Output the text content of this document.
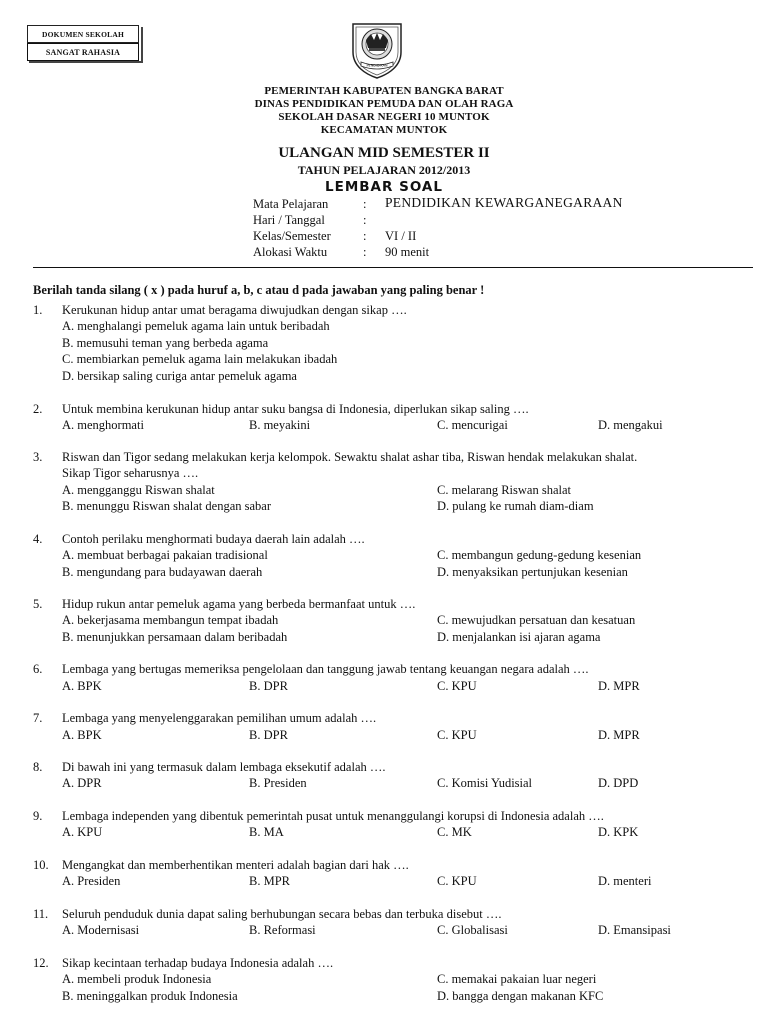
DOKUMEN SEKOLAH
SANGAT RAHASIA
PENDIDIKAN
PEMERINTAH KABUPATEN BANGKA BARAT
DINAS PENDIDIKAN PEMUDA DAN OLAH RAGA
SEKOLAH DASAR NEGERI 10 MUNTOK
KECAMATAN MUNTOK
ULANGAN MID SEMESTER II
TAHUN PELAJARAN 2012/2013
LEMBAR SOAL
Mata Pelajaran	: PENDIDIKAN KEWARGANEGARAAN
Hari / Tanggal	:
Kelas/Semester	: VI / II
Alokasi Waktu	: 90 menit
Berilah tanda silang ( x ) pada huruf a, b, c atau d pada jawaban yang paling benar !
1. Kerukunan hidup antar umat beragama diwujudkan dengan sikap ….
A. menghalangi pemeluk agama lain untuk beribadah
B. memusuhi teman yang berbeda agama
C. membiarkan pemeluk agama lain melakukan ibadah
D. bersikap saling curiga antar pemeluk agama
2. Untuk membina kerukunan hidup antar suku bangsa di Indonesia, diperlukan sikap saling ….
A. menghormati	B. meyakini	C. mencurigai	D. mengakui
3. Riswan dan Tigor sedang melakukan kerja kelompok. Sewaktu shalat ashar tiba, Riswan hendak melakukan shalat.
Sikap Tigor seharusnya ….
A. mengganggu Riswan shalat
B. menunggu Riswan shalat dengan sabar
C. melarang Riswan shalat
D. pulang ke rumah diam-diam
4. Contoh perilaku menghormati budaya daerah lain adalah ….
A. membuat berbagai pakaian tradisional
B. mengundang para budayawan daerah
C. membangun gedung-gedung kesenian
D. menyaksikan pertunjukan kesenian
5. Hidup rukun antar pemeluk agama yang berbeda bermanfaat untuk ….
A. bekerjasama membangun tempat ibadah
B. menunjukkan persamaan dalam beribadah
C. mewujudkan persatuan dan kesatuan
D. menjalankan isi ajaran agama
6. Lembaga yang bertugas memeriksa pengelolaan dan tanggung jawab tentang keuangan negara adalah ….
A. BPK	B. DPR	C. KPU	D. MPR
7. Lembaga yang menyelenggarakan pemilihan umum adalah ….
A. BPK	B. DPR	C. KPU	D. MPR
8. Di bawah ini yang termasuk dalam lembaga eksekutif adalah ….
A. DPR	B. Presiden	C. Komisi Yudisial	D. DPD
9. Lembaga independen yang dibentuk pemerintah pusat untuk menanggulangi korupsi di Indonesia adalah ….
A. KPU	B. MA	C. MK	D. KPK
10. Mengangkat dan memberhentikan menteri adalah bagian dari hak ….
A. Presiden	B. MPR	C. KPU	D. menteri
11. Seluruh penduduk dunia dapat saling berhubungan secara bebas dan terbuka disebut ….
A. Modernisasi	B. Reformasi	C. Globalisasi	D. Emansipasi
12. Sikap kecintaan terhadap budaya Indonesia adalah ….
A. membeli produk Indonesia
B. meninggalkan produk Indonesia
C. memakai pakaian luar negeri
D. bangga dengan makanan KFC
